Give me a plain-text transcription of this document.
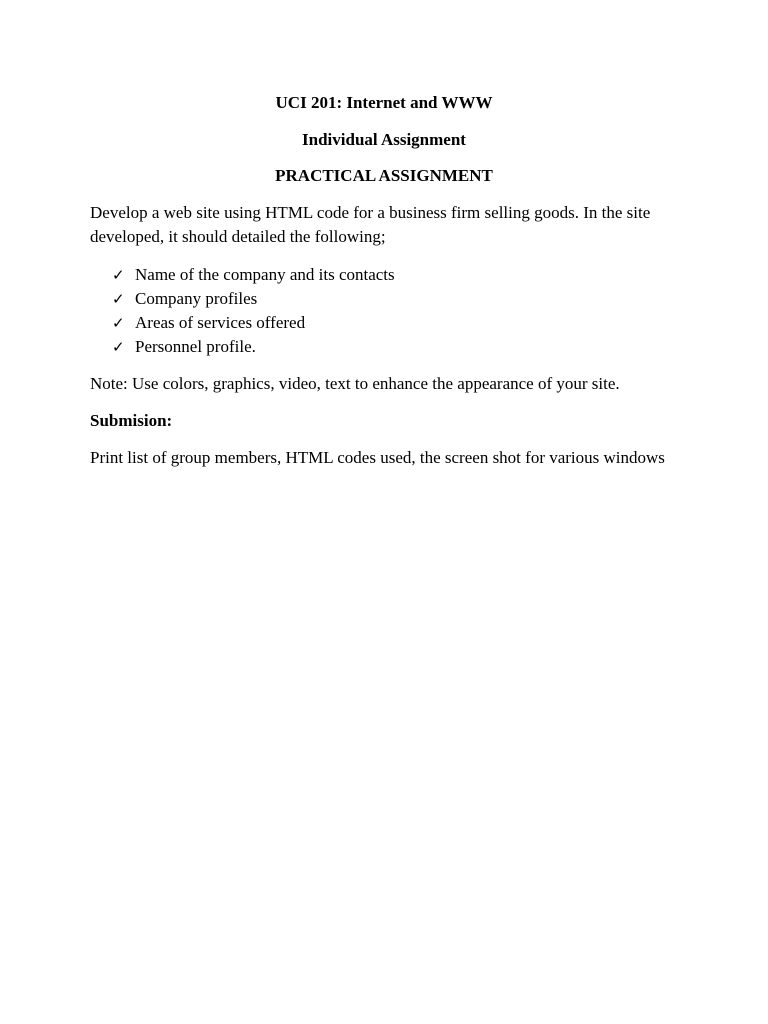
UCI 201: Internet and WWW

Individual Assignment

PRACTICAL ASSIGNMENT

Develop a web site using HTML code for a business firm selling goods. In the site developed, it should detailed the following;

✓ Name of the company and its contacts
✓ Company profiles
✓ Areas of services offered
✓ Personnel profile.

Note: Use colors, graphics, video, text to enhance the appearance of your site.

Submision:

Print list of group members, HTML codes used, the screen shot for various windows
